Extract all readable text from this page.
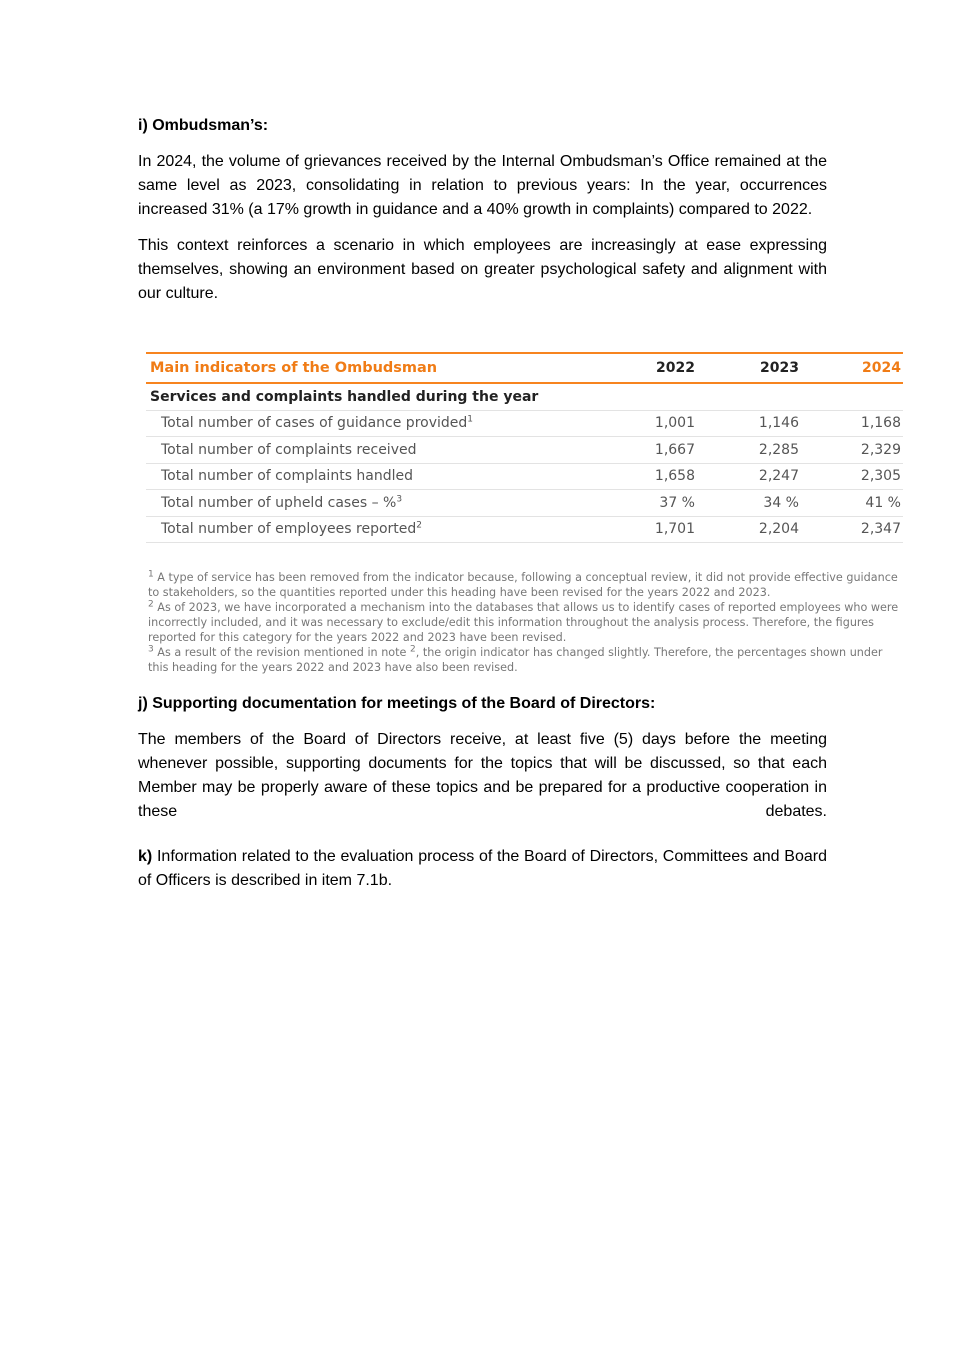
i) Ombudsman’s:

In 2024, the volume of grievances received by the Internal Ombudsman’s Office remained at the same level as 2023, consolidating in relation to previous years: In the year, occurrences increased 31% (a 17% growth in guidance and a 40% growth in complaints) compared to 2022.

This context reinforces a scenario in which employees are increasingly at ease expressing themselves, showing an environment based on greater psychological safety and alignment with our culture.

Main indicators of the Ombudsman	2022	2023	2024
Services and complaints handled during the year			
Total number of cases of guidance provided$^1$	1,001	1,146	1,168
Total number of complaints received	1,667	2,285	2,329
Total number of complaints handled	1,658	2,247	2,305
Total number of upheld cases – %$^3$	37 %	34 %	41 %
Total number of employees reported$^2$	1,701	2,204	2,347

$^1$ A type of service has been removed from the indicator because, following a conceptual review, it did not provide effective guidance to stakeholders, so the quantities reported under this heading have been revised for the years 2022 and 2023.

$^2$ As of 2023, we have incorporated a mechanism into the databases that allows us to identify cases of reported employees who were incorrectly included, and it was necessary to exclude/edit this information throughout the analysis process. Therefore, the figures reported for this category for the years 2022 and 2023 have been revised.

$^3$ As a result of the revision mentioned in note $^2$, the origin indicator has changed slightly. Therefore, the percentages shown under this heading for the years 2022 and 2023 have also been revised.

j) Supporting documentation for meetings of the Board of Directors:

The members of the Board of Directors receive, at least five (5) days before the meeting whenever possible, supporting documents for the topics that will be discussed, so that each Member may be properly aware of these topics and be prepared for a productive cooperation in these debates.

k) Information related to the evaluation process of the Board of Directors, Committees and Board of Officers is described in item 7.1b.
